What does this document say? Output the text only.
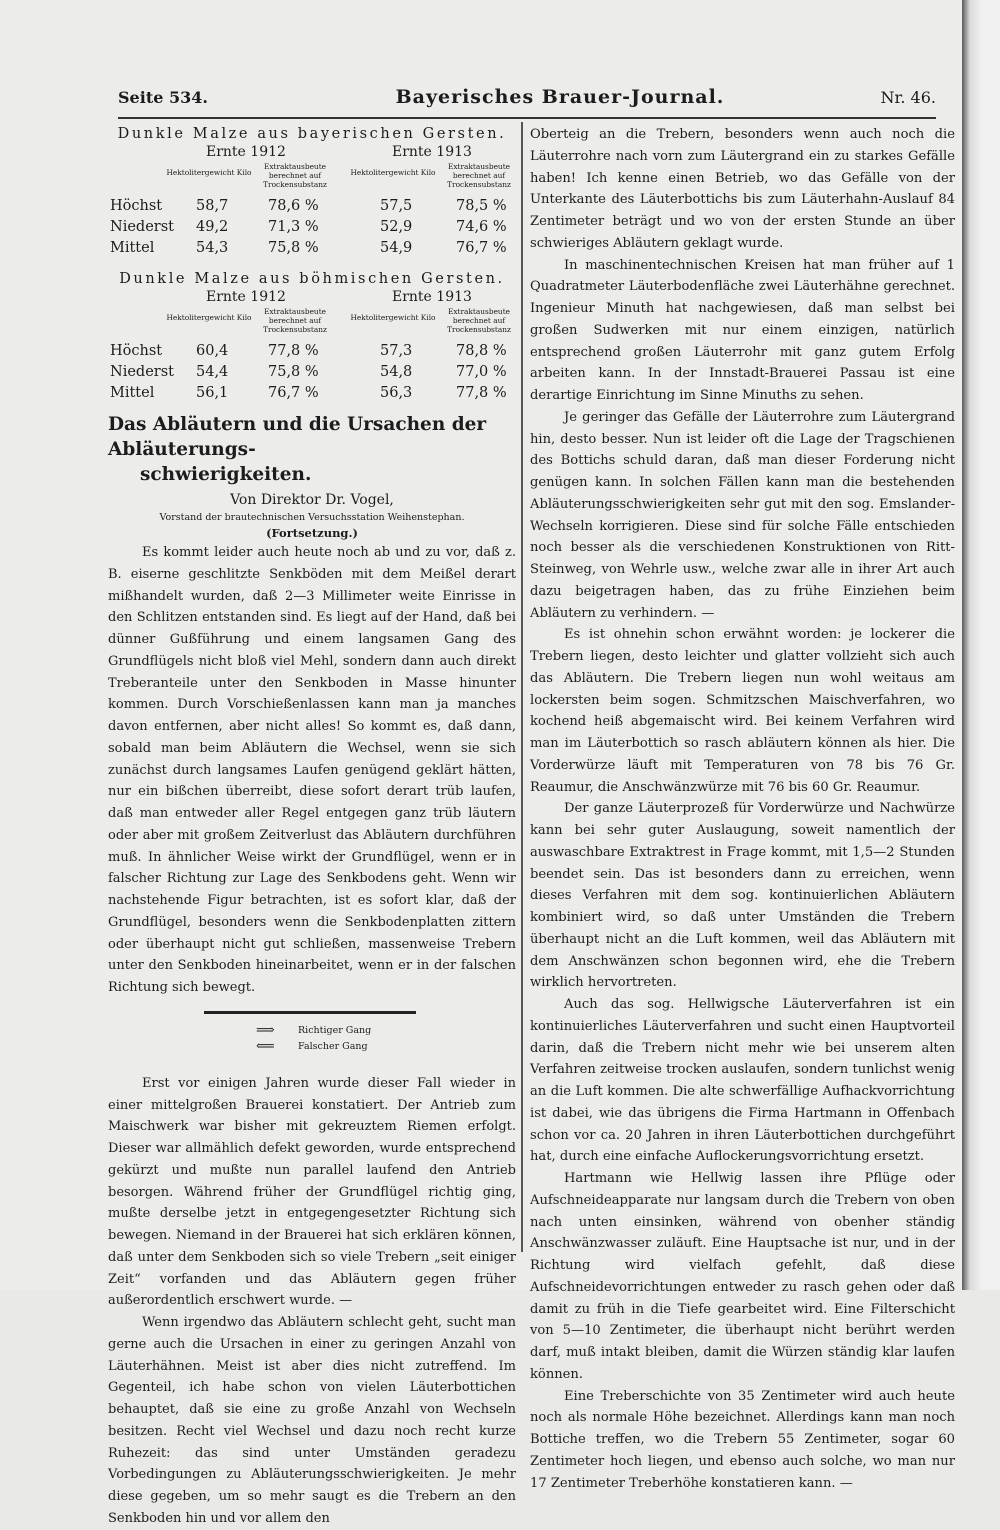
Seite 534.	Bayerisches Brauer-Journal.	Nr. 46.
Dunkle Malze aus bayerischen Gersten.
Ernte 1912	Ernte 1913
Hektolitergewicht Kilo
Extraktausbeute berechnet auf Trockensubstanz
Hektolitergewicht Kilo
Extraktausbeute berechnet auf Trockensubstanz
Höchst 58,7	78,6 %	57,5	78,5 %
Niederst 49,2	71,3 %	52,9	74,6 %
Mittel	54,3	75,8 %	54,9	76,7 %
Dunkle Malze aus böhmischen Gersten.
Ernte 1912	Ernte 1913
Hektolitergewicht Kilo
Extraktausbeute berechnet auf Trockensubstanz
Hektolitergewicht Kilo
Extraktausbeute berechnet auf Trockensubstanz
Höchst 60,4	77,8 %	57,3	78,8 %
Niederst 54,4	75,8 %	54,8	77,0 %
Mittel	56,1	76,7 %	56,3	77,8 %
Das Abläutern und die Ursachen der Abläuterungs-
schwierigkeiten.
Von Direktor Dr. Vogel,
Vorstand der brautechnischen Versuchsstation Weihenstephan.
(Fortsetzung.)

Es kommt leider auch heute noch ab und zu vor, daß z. B. eiserne geschlitzte Senkböden mit dem Meißel derart mißhandelt wurden, daß 2—3 Millimeter weite Einrisse in den Schlitzen entstanden sind. Es liegt auf der Hand, daß bei dünner Gußführung und einem langsamen Gang des Grundflügels nicht bloß viel Mehl, sondern dann auch direkt Treberanteile unter den Senkboden in Masse hinunter kommen. Durch Vorschießenlassen kann man ja manches davon entfernen, aber nicht alles! So kommt es, daß dann, sobald man beim Abläutern die Wechsel, wenn sie sich zunächst durch langsames Laufen genügend geklärt hätten, nur ein bißchen überreibt, diese sofort derart trüb laufen, daß man entweder aller Regel entgegen ganz trüb läutern oder aber mit großem Zeitverlust das Abläutern durchführen muß. In ähnlicher Weise wirkt der Grundflügel, wenn er in falscher Richtung zur Lage des Senkbodens geht. Wenn wir nachstehende Figur betrachten, ist es sofort klar, daß der Grundflügel, besonders wenn die Senkbodenplatten zittern oder überhaupt nicht gut schließen, massenweise Trebern unter den Senkboden hineinarbeitet, wenn er in der falschen Richtung sich bewegt.

⟹ Richtiger Gang
⟸ Falscher Gang

Erst vor einigen Jahren wurde dieser Fall wieder in einer mittelgroßen Brauerei konstatiert. Der Antrieb zum Maischwerk war bisher mit gekreuztem Riemen erfolgt. Dieser war allmählich defekt geworden, wurde entsprechend gekürzt und mußte nun parallel laufend den Antrieb besorgen. Während früher der Grundflügel richtig ging, mußte derselbe jetzt in entgegengesetzter Richtung sich bewegen. Niemand in der Brauerei hat sich erklären können, daß unter dem Senkboden sich so viele Trebern „seit einiger Zeit“ vorfanden und das Abläutern gegen früher außerordentlich erschwert wurde. —

Wenn irgendwo das Abläutern schlecht geht, sucht man gerne auch die Ursachen in einer zu geringen Anzahl von Läuterhähnen. Meist ist aber dies nicht zutreffend. Im Gegenteil, ich habe schon von vielen Läuterbottichen behauptet, daß sie eine zu große Anzahl von Wechseln besitzen. Recht viel Wechsel und dazu noch recht kurze Ruhezeit: das sind unter Umständen geradezu Vorbedingungen zu Abläuterungsschwierigkeiten. Je mehr diese gegeben, um so mehr saugt es die Trebern an den Senkboden hin und vor allem den

Oberteig an die Trebern, besonders wenn auch noch die Läuterrohre nach vorn zum Läutergrand ein zu starkes Gefälle haben! Ich kenne einen Betrieb, wo das Gefälle von der Unterkante des Läuterbottichs bis zum Läuterhahn-Auslauf 84 Zentimeter beträgt und wo von der ersten Stunde an über schwieriges Abläutern geklagt wurde.

In maschinentechnischen Kreisen hat man früher auf 1 Quadratmeter Läuterbodenfläche zwei Läuterhähne gerechnet. Ingenieur Minuth hat nachgewiesen, daß man selbst bei großen Sudwerken mit nur einem einzigen, natürlich entsprechend großen Läuterrohr mit ganz gutem Erfolg arbeiten kann. In der Innstadt-Brauerei Passau ist eine derartige Einrichtung im Sinne Minuths zu sehen.

Je geringer das Gefälle der Läuterrohre zum Läutergrand hin, desto besser. Nun ist leider oft die Lage der Tragschienen des Bottichs schuld daran, daß man dieser Forderung nicht genügen kann. In solchen Fällen kann man die bestehenden Abläuterungsschwierigkeiten sehr gut mit den sog. Emslander-Wechseln korrigieren. Diese sind für solche Fälle entschieden noch besser als die verschiedenen Konstruktionen von Ritt-Steinweg, von Wehrle usw., welche zwar alle in ihrer Art auch dazu beigetragen haben, das zu frühe Einziehen beim Abläutern zu verhindern. —

Es ist ohnehin schon erwähnt worden: je lockerer die Trebern liegen, desto leichter und glatter vollzieht sich auch das Abläutern. Die Trebern liegen nun wohl weitaus am lockersten beim sogen. Schmitzschen Maischverfahren, wo kochend heiß abgemaischt wird. Bei keinem Verfahren wird man im Läuterbottich so rasch abläutern können als hier. Die Vorderwürze läuft mit Temperaturen von 78 bis 76 Gr. Reaumur, die Anschwänzwürze mit 76 bis 60 Gr. Reaumur.

Der ganze Läuterprozeß für Vorderwürze und Nachwürze kann bei sehr guter Auslaugung, soweit namentlich der auswaschbare Extraktrest in Frage kommt, mit 1,5—2 Stunden beendet sein. Das ist besonders dann zu erreichen, wenn dieses Verfahren mit dem sog. kontinuierlichen Abläutern kombiniert wird, so daß unter Umständen die Trebern überhaupt nicht an die Luft kommen, weil das Abläutern mit dem Anschwänzen schon begonnen wird, ehe die Trebern wirklich hervortreten.

Auch das sog. Hellwigsche Läuterverfahren ist ein kontinuierliches Läuterverfahren und sucht einen Hauptvorteil darin, daß die Trebern nicht mehr wie bei unserem alten Verfahren zeitweise trocken auslaufen, sondern tunlichst wenig an die Luft kommen. Die alte schwerfällige Aufhackvorrichtung ist dabei, wie das übrigens die Firma Hartmann in Offenbach schon vor ca. 20 Jahren in ihren Läuterbottichen durchgeführt hat, durch eine einfache Auflockerungsvorrichtung ersetzt.

Hartmann wie Hellwig lassen ihre Pflüge oder Aufschneideapparate nur langsam durch die Trebern von oben nach unten einsinken, während von obenher ständig Anschwänzwasser zuläuft. Eine Hauptsache ist nur, und in der Richtung wird vielfach gefehlt, daß diese Aufschneidevorrichtungen entweder zu rasch gehen oder daß damit zu früh in die Tiefe gearbeitet wird. Eine Filterschicht von 5—10 Zentimeter, die überhaupt nicht berührt werden darf, muß intakt bleiben, damit die Würzen ständig klar laufen können.

Eine Treberschichte von 35 Zentimeter wird auch heute noch als normale Höhe bezeichnet. Allerdings kann man noch Bottiche treffen, wo die Trebern 55 Zentimeter, sogar 60 Zentimeter hoch liegen, und ebenso auch solche, wo man nur 17 Zentimeter Treberhöhe konstatieren kann. —
